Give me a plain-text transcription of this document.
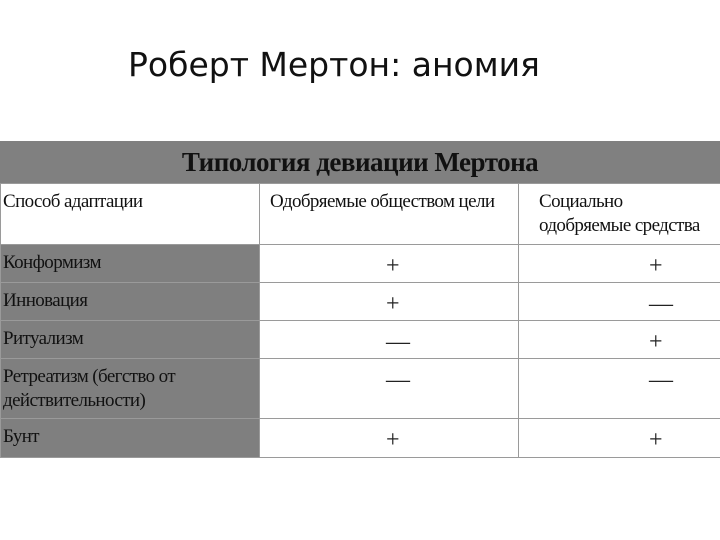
Роберт Мертон: аномия
Типология девиации Мертона
Способ адаптации	Одобряемые обществом цели	Социально одобряемые средства
Конформизм	+	+
Инновация	+	—
Ритуализм	—	+
Ретреатизм (бегство от действительности)	—	—
Бунт	+	+
